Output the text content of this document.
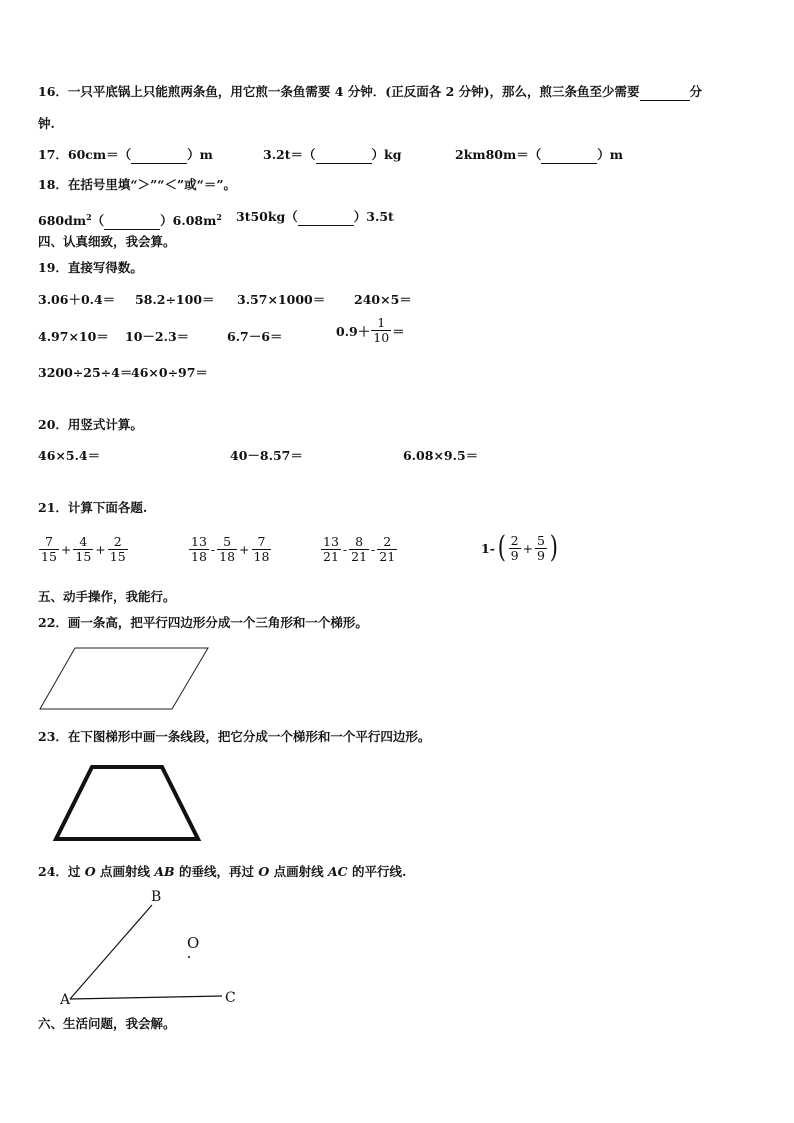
16．一只平底锅上只能煎两条鱼，用它煎一条鱼需要 4 分钟．(正反面各 2 分钟)，那么，煎三条鱼至少需要	分
钟.
17．60cm＝（	）m	3.2t＝（	）kg	2km80m＝（	）m
18．在括号里填“＞”“＜”或“＝”。
$680dm^2$（	）$6.08m^2$ 3t50kg（	）3.5t
四、认真细致，我会算。
19．直接写得数。
3.06＋0.4＝ 58.2÷100＝ 3.57×1000＝ 240×5＝
4.97×10＝ 10－2.3＝	6.7－6＝	$0.9+ \frac{1}{10}$ ＝
3200÷25÷4＝
46×0÷97＝
20．用竖式计算。
46×5.4＝	40－8.57＝	6.08×9.5＝
21．计算下面各题.
$\frac{7}{15} + \frac{4}{15} + \frac{2}{15}$	$\frac{13}{18} - \frac{5}{18} + \frac{7}{18}$	$\frac{13}{21} - \frac{8}{21} - \frac{2}{21}$	1- ( $\frac{2}{9} + \frac{5}{9}$ )
五、动手操作，我能行。
22．画一条高，把平行四边形分成一个三角形和一个梯形。
23．在下图梯形中画一条线段，把它分成一个梯形和一个平行四边形。
24．过 O 点画射线 AB 的垂线，再过 O 点画射线 AC 的平行线.
B
O
A	C
六、生活问题，我会解。
